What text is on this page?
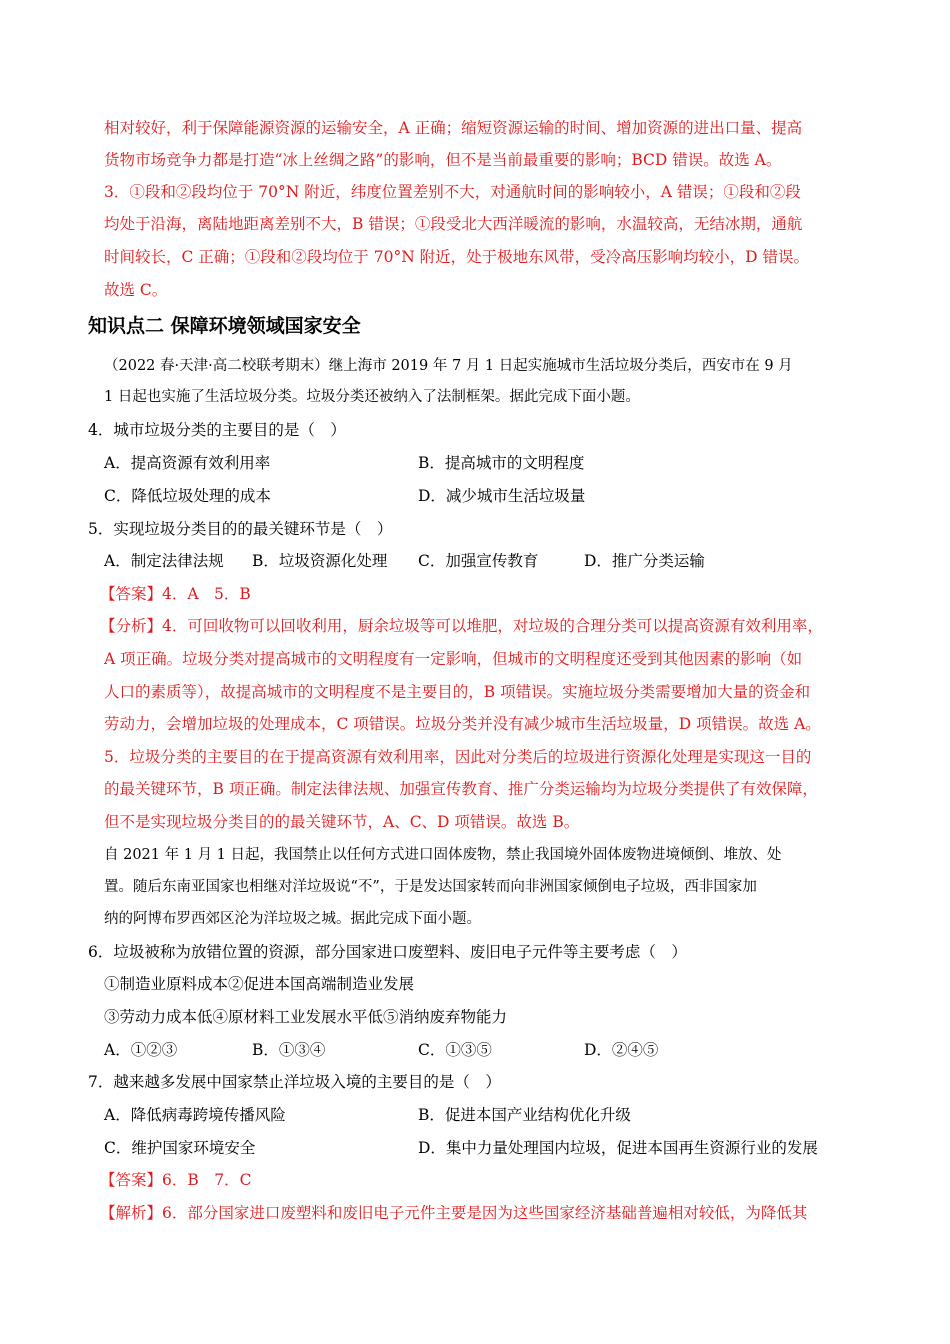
相对较好，利于保障能源资源的运输安全，A 正确；缩短资源运输的时间、增加资源的进出口量、提高
货物市场竞争力都是打造“冰上丝绸之路”的影响，但不是当前最重要的影响；BCD 错误。故选 A。
3．①段和②段均位于 70°N 附近，纬度位置差别不大，对通航时间的影响较小，A 错误；①段和②段
均处于沿海，离陆地距离差别不大，B 错误；①段受北大西洋暖流的影响，水温较高，无结冰期，通航
时间较长，C 正确；①段和②段均位于 70°N 附近，处于极地东风带，受冷高压影响均较小，D 错误。
故选 C。
知识点二 保障环境领域国家安全
（2022 春·天津·高二校联考期末）继上海市 2019 年 7 月 1 日起实施城市生活垃圾分类后，西安市在 9 月
1 日起也实施了生活垃圾分类。垃圾分类还被纳入了法制框架。据此完成下面小题。
4．城市垃圾分类的主要目的是（　）
A．提高资源有效利用率	B．提高城市的文明程度
C．降低垃圾处理的成本	D．减少城市生活垃圾量
5．实现垃圾分类目的的最关键环节是（　）
A．制定法律法规 B．垃圾资源化处理 C．加强宣传教育	D．推广分类运输
【答案】4．A　5．B
【分析】4．可回收物可以回收利用，厨余垃圾等可以堆肥，对垃圾的合理分类可以提高资源有效利用率，
A 项正确。垃圾分类对提高城市的文明程度有一定影响，但城市的文明程度还受到其他因素的影响（如
人口的素质等），故提高城市的文明程度不是主要目的，B 项错误。实施垃圾分类需要增加大量的资金和
劳动力，会增加垃圾的处理成本，C 项错误。垃圾分类并没有减少城市生活垃圾量，D 项错误。故选 A。
5．垃圾分类的主要目的在于提高资源有效利用率，因此对分类后的垃圾进行资源化处理是实现这一目的
的最关键环节，B 项正确。制定法律法规、加强宣传教育、推广分类运输均为垃圾分类提供了有效保障，
但不是实现垃圾分类目的的最关键环节，A、C、D 项错误。故选 B。
自 2021 年 1 月 1 日起，我国禁止以任何方式进口固体废物，禁止我国境外固体废物进境倾倒、堆放、处
置。随后东南亚国家也相继对洋垃圾说“不”，于是发达国家转而向非洲国家倾倒电子垃圾，西非国家加
纳的阿博布罗西郊区沦为洋垃圾之城。据此完成下面小题。
6．垃圾被称为放错位置的资源，部分国家进口废塑料、废旧电子元件等主要考虑（　）
①制造业原料成本②促进本国高端制造业发展
③劳动力成本低④原材料工业发展水平低⑤消纳废弃物能力
A．①②③	B．①③④	C．①③⑤	D．②④⑤
7．越来越多发展中国家禁止洋垃圾入境的主要目的是（　）
A．降低病毒跨境传播风险	B．促进本国产业结构优化升级
C．维护国家环境安全	D．集中力量处理国内垃圾，促进本国再生资源行业的发展
【答案】6．B　7．C
【解析】6．部分国家进口废塑料和废旧电子元件主要是因为这些国家经济基础普遍相对较低，为降低其
